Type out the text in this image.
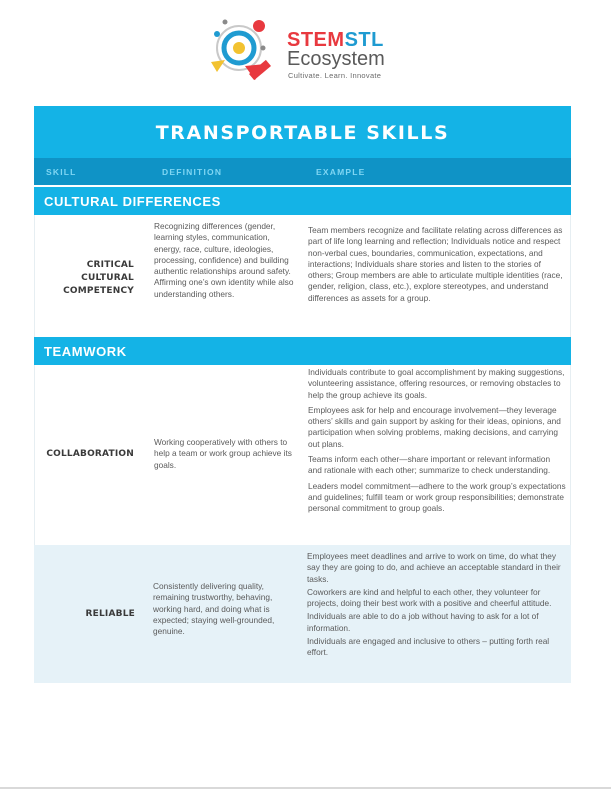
STEMSTL
Ecosystem
Cultivate. Learn. Innovate
TRANSPORTABLE SKILLS
SKILL	DEFINITION	EXAMPLE
CULTURAL DIFFERENCES
CRITICAL
CULTURAL
COMPETENCY
Recognizing differences (gender, learning styles, communication, energy, race, culture, ideologies, processing, confidence) and building authentic relationships around safety. Affirming one’s own identity while also understanding others.

Team members recognize and facilitate relating across differences as part of life long learning and reflection; Individuals notice and respect non-verbal cues, boundaries, communication, expectations, and interactions; Individuals share stories and listen to the stories of others; Group members are able to articulate multiple identities (race, gender, religion, class, etc.), explore stereotypes, and understand differences as assets for a group.

TEAMWORK
COLLABORATION
Working cooperatively with others to help a team or work group achieve its goals.

Individuals contribute to goal accomplishment by making suggestions, volunteering assistance, offering resources, or removing obstacles to help the group achieve its goals.

Employees ask for help and encourage involvement—they leverage others’ skills and gain support by asking for their ideas, opinions, and participation when solving problems, making decisions, and carrying out plans.

Teams inform each other—share important or relevant information and rationale with each other; summarize to check understanding.

Leaders model commitment—adhere to the work group’s expectations and guidelines; fulfill team or work group responsibilities; demonstrate personal commitment to group goals.

RELIABLE
Consistently delivering quality, remaining trustworthy, behaving, working hard, and doing what is expected; staying well-grounded, genuine.

Employees meet deadlines and arrive to work on time, do what they say they are going to do, and achieve an acceptable standard in their tasks.

Coworkers are kind and helpful to each other, they volunteer for projects, doing their best work with a positive and cheerful attitude.

Individuals are able to do a job without having to ask for a lot of information.

Individuals are engaged and inclusive to others – putting forth real effort.
